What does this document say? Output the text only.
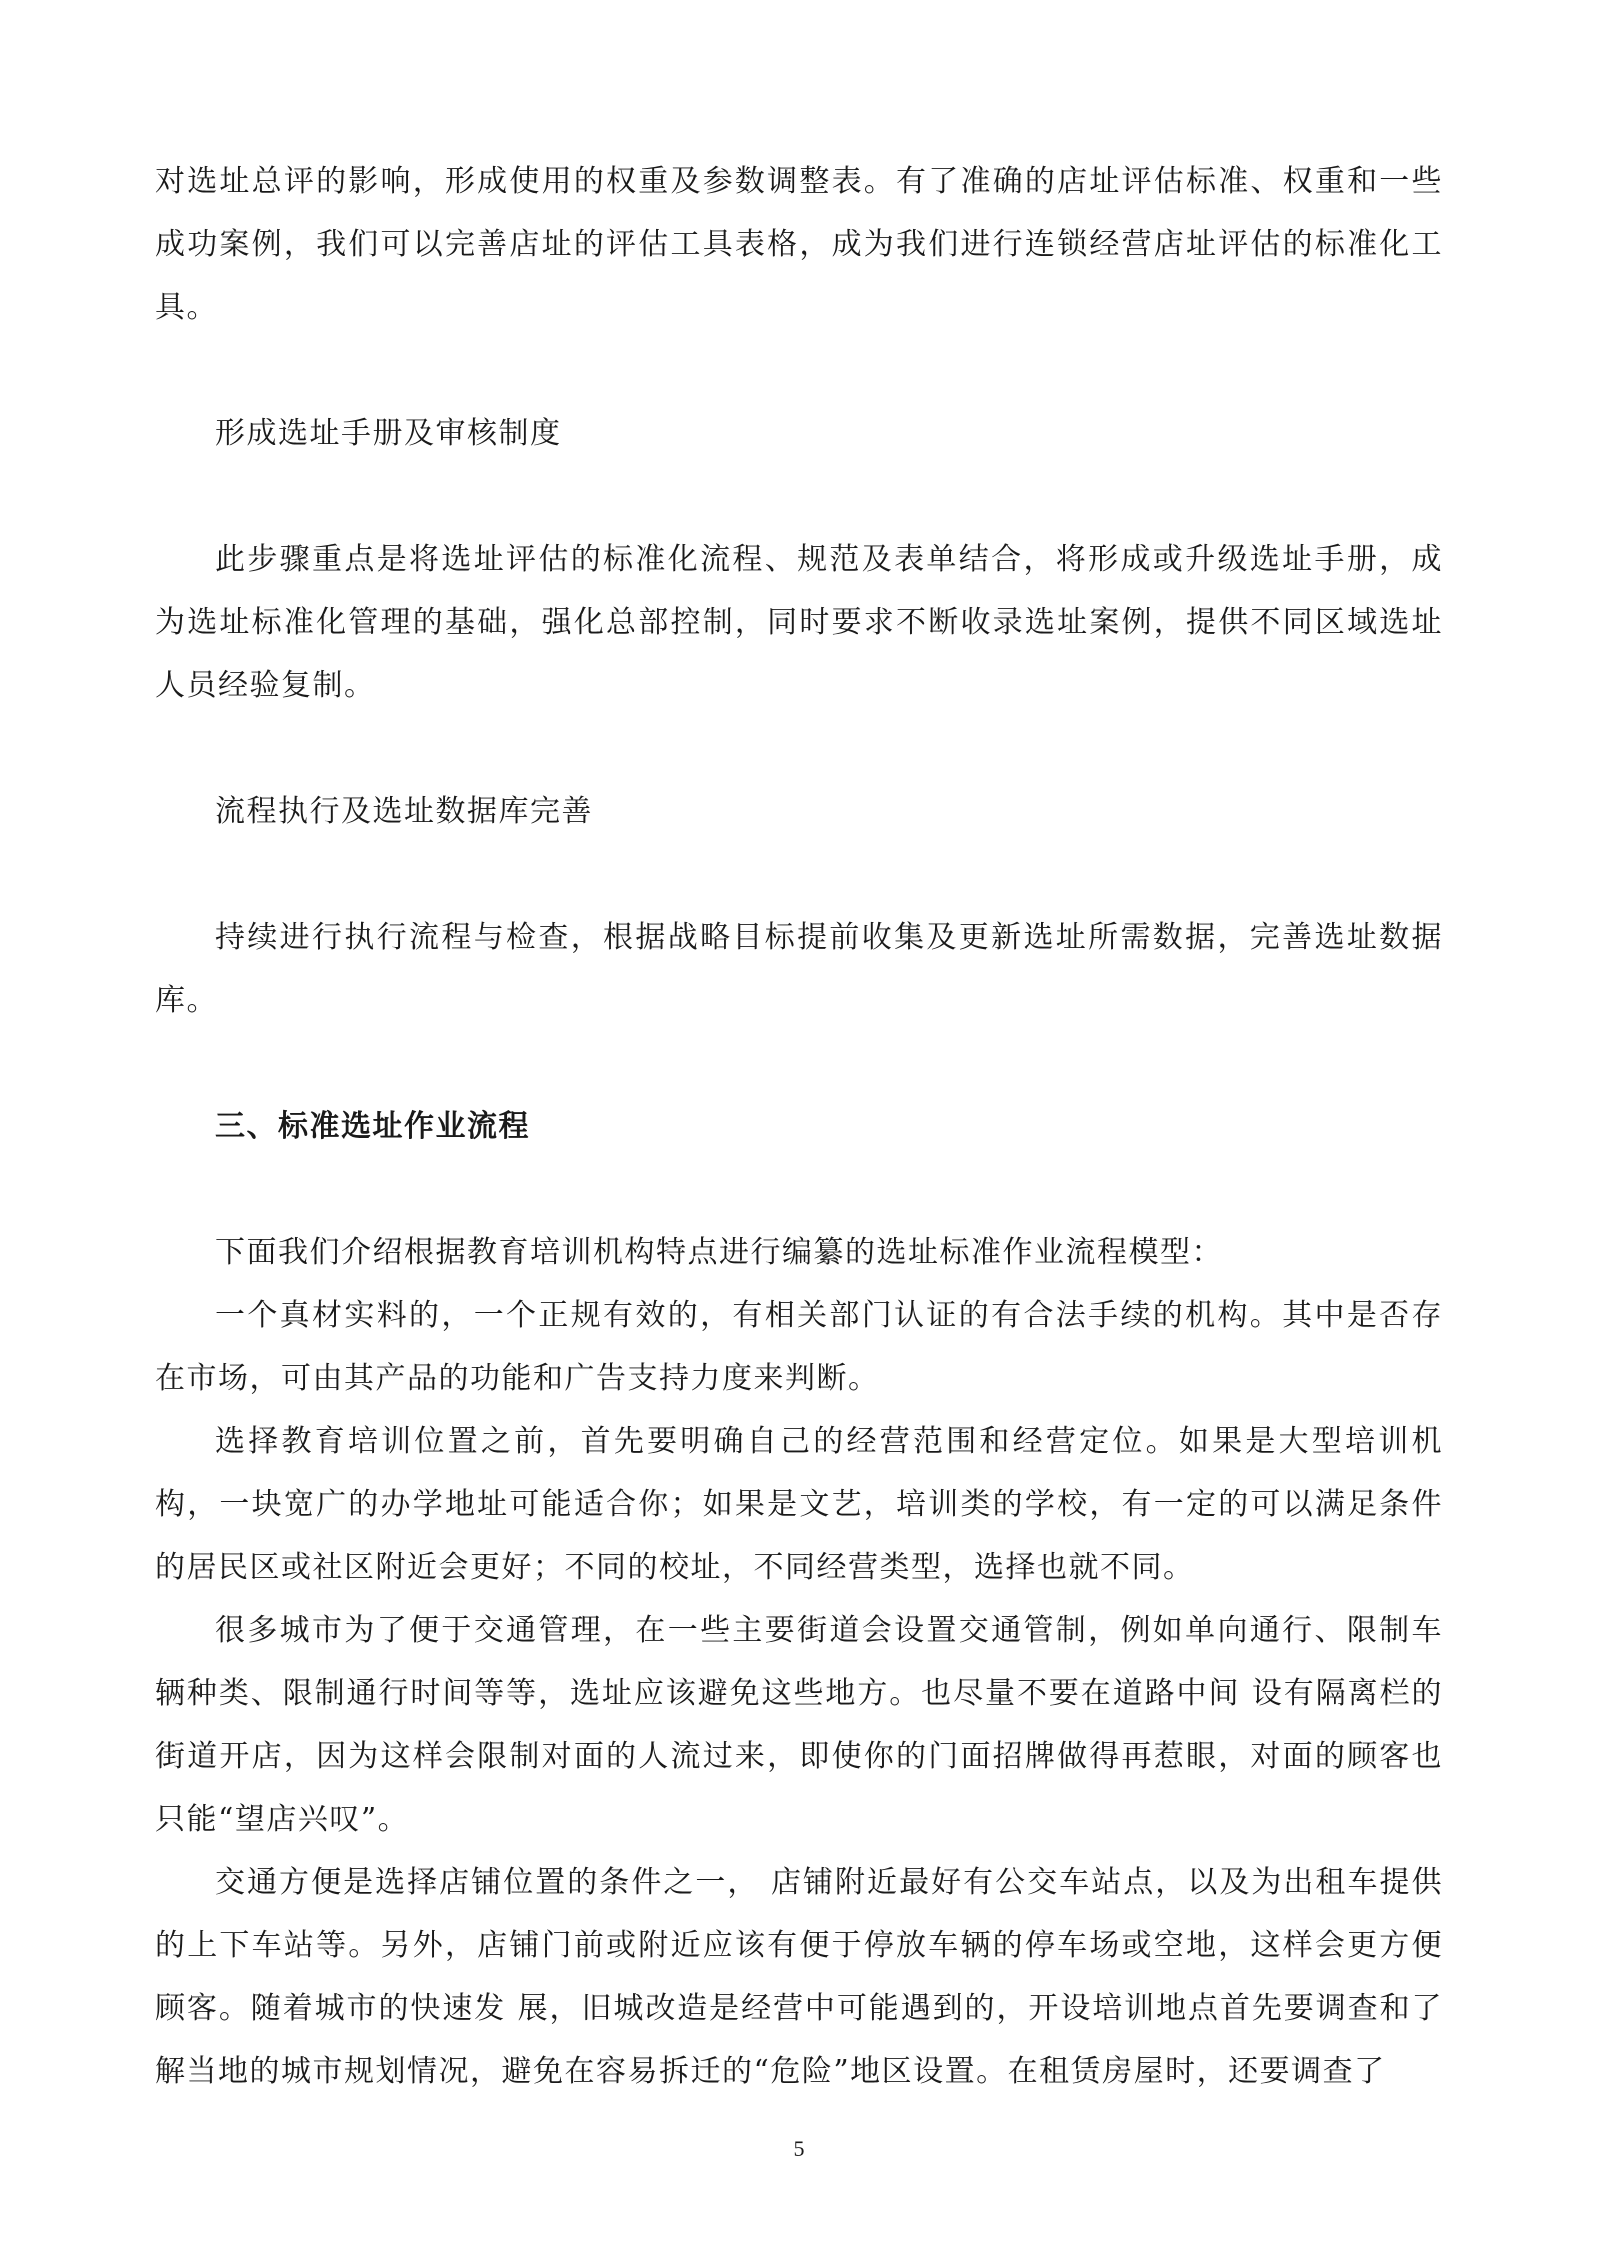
对选址总评的影响，形成使用的权重及参数调整表。有了准确的店址评估标准、权重和一些成功案例，我们可以完善店址的评估工具表格，成为我们进行连锁经营店址评估的标准化工具。

形成选址手册及审核制度

此步骤重点是将选址评估的标准化流程、规范及表单结合，将形成或升级选址手册，成为选址标准化管理的基础，强化总部控制，同时要求不断收录选址案例，提供不同区域选址人员经验复制。

流程执行及选址数据库完善

持续进行执行流程与检查，根据战略目标提前收集及更新选址所需数据，完善选址数据库。

三、标准选址作业流程

下面我们介绍根据教育培训机构特点进行编纂的选址标准作业流程模型：

一个真材实料的，一个正规有效的，有相关部门认证的有合法手续的机构。其中是否存在市场，可由其产品的功能和广告支持力度来判断。

选择教育培训位置之前，首先要明确自己的经营范围和经营定位。如果是大型培训机构，一块宽广的办学地址可能适合你；如果是文艺，培训类的学校，有一定的可以满足条件的居民区或社区附近会更好；不同的校址，不同经营类型，选择也就不同。

很多城市为了便于交通管理，在一些主要街道会设置交通管制，例如单向通行、限制车辆种类、限制通行时间等等，选址应该避免这些地方。也尽量不要在道路中间 设有隔离栏的街道开店，因为这样会限制对面的人流过来，即使你的门面招牌做得再惹眼，对面的顾客也只能“望店兴叹”。

交通方便是选择店铺位置的条件之一， 店铺附近最好有公交车站点，以及为出租车提供的上下车站等。另外，店铺门前或附近应该有便于停放车辆的停车场或空地，这样会更方便顾客。随着城市的快速发 展，旧城改造是经营中可能遇到的，开设培训地点首先要调查和了解当地的城市规划情况，避免在容易拆迁的“危险”地区设置。在租赁房屋时，还要调查了

5
